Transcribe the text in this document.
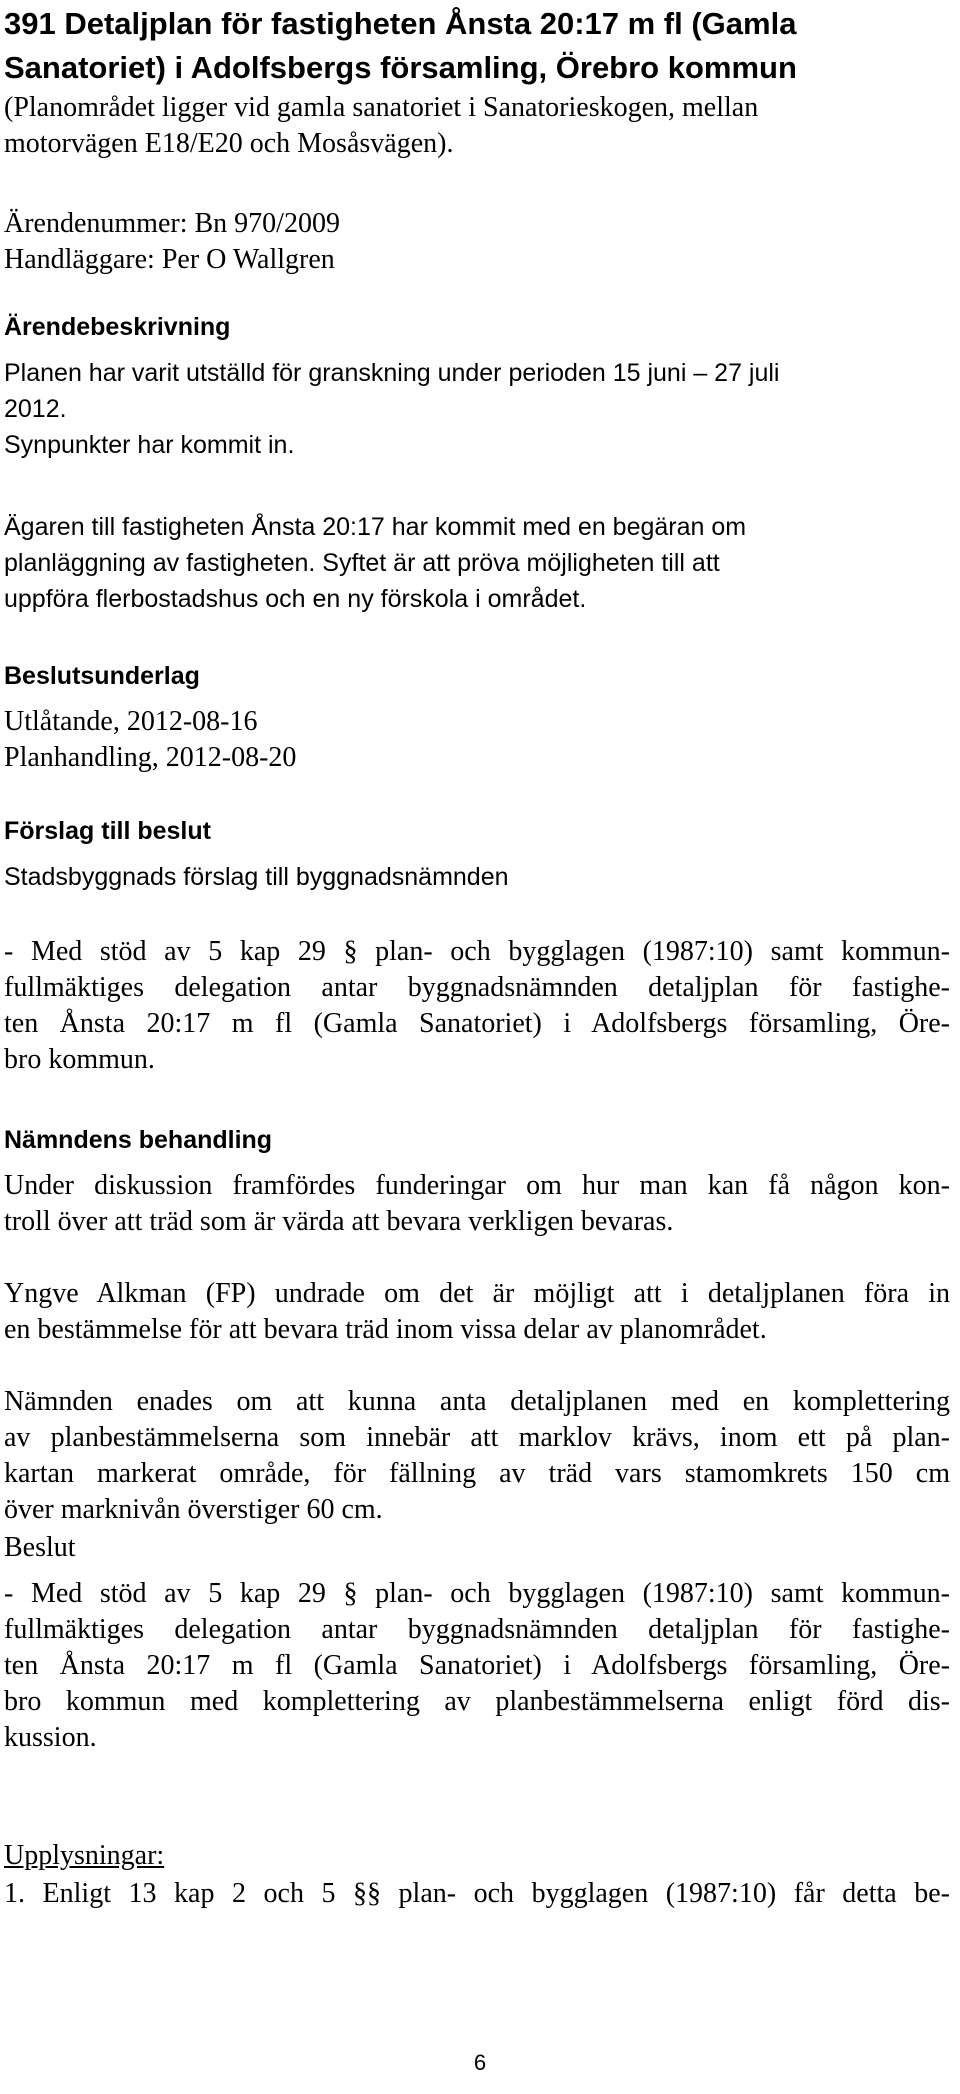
391 Detaljplan för fastigheten Ånsta 20:17 m fl (Gamla
Sanatoriet) i Adolfsbergs församling, Örebro kommun

(Planområdet ligger vid gamla sanatoriet i Sanatorieskogen, mellan
motorvägen E18/E20 och Mosåsvägen).

Ärendenummer: Bn 970/2009
Handläggare: Per O Wallgren

Ärendebeskrivning

Planen har varit utställd för granskning under perioden 15 juni – 27 juli
2012.
Synpunkter har kommit in.

Ägaren till fastigheten Ånsta 20:17 har kommit med en begäran om
planläggning av fastigheten. Syftet är att pröva möjligheten till att
uppföra flerbostadshus och en ny förskola i området.

Beslutsunderlag

Utlåtande, 2012-08-16
Planhandling, 2012-08-20

Förslag till beslut
Stadsbyggnads förslag till byggnadsnämnden

- Med stöd av 5 kap 29 § plan- och bygglagen (1987:10) samt kommun-
fullmäktiges delegation antar byggnadsnämnden detaljplan för fastighe-
ten Ånsta 20:17 m fl (Gamla Sanatoriet) i Adolfsbergs församling, Öre-
bro kommun.

Nämndens behandling

Under diskussion framfördes funderingar om hur man kan få någon kon-
troll över att träd som är värda att bevara verkligen bevaras.

Yngve Alkman (FP) undrade om det är möjligt att i detaljplanen föra in
en bestämmelse för att bevara träd inom vissa delar av planområdet.

Nämnden enades om att kunna anta detaljplanen med en komplettering
av planbestämmelserna som innebär att marklov krävs, inom ett på plan-
kartan markerat område, för fällning av träd vars stamomkrets 150 cm
över marknivån överstiger 60 cm.

Beslut

- Med stöd av 5 kap 29 § plan- och bygglagen (1987:10) samt kommun-
fullmäktiges delegation antar byggnadsnämnden detaljplan för fastighe-
ten Ånsta 20:17 m fl (Gamla Sanatoriet) i Adolfsbergs församling, Öre-
bro kommun med komplettering av planbestämmelserna enligt förd dis-
kussion.

Upplysningar:

1. Enligt 13 kap 2 och 5 §§ plan- och bygglagen (1987:10) får detta be-

6
